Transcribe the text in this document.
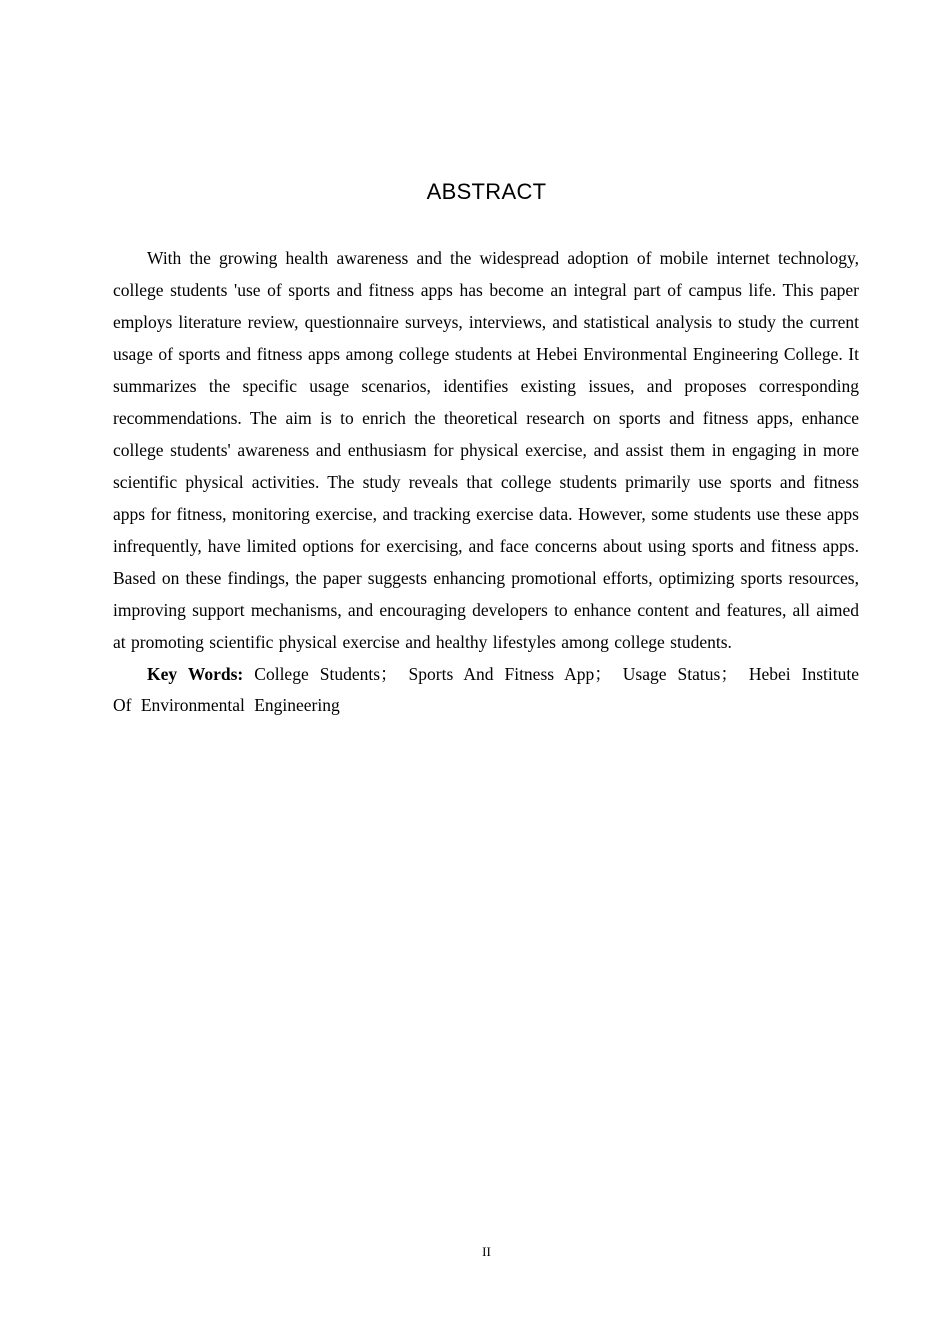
ABSTRACT

With the growing health awareness and the widespread adoption of mobile internet technology, college students 'use of sports and fitness apps has become an integral part of campus life. This paper employs literature review, questionnaire surveys, interviews, and statistical analysis to study the current usage of sports and fitness apps among college students at Hebei Environmental Engineering College. It summarizes the specific usage scenarios, identifies existing issues, and proposes corresponding recommendations. The aim is to enrich the theoretical research on sports and fitness apps, enhance college students' awareness and enthusiasm for physical exercise, and assist them in engaging in more scientific physical activities. The study reveals that college students primarily use sports and fitness apps for fitness, monitoring exercise, and tracking exercise data. However, some students use these apps infrequently, have limited options for exercising, and face concerns about using sports and fitness apps. Based on these findings, the paper suggests enhancing promotional efforts, optimizing sports resources, improving support mechanisms, and encouraging developers to enhance content and features, all aimed at promoting scientific physical exercise and healthy lifestyles among college students.

Key Words: College Students； Sports And Fitness App； Usage Status； Hebei Institute Of Environmental Engineering

II
